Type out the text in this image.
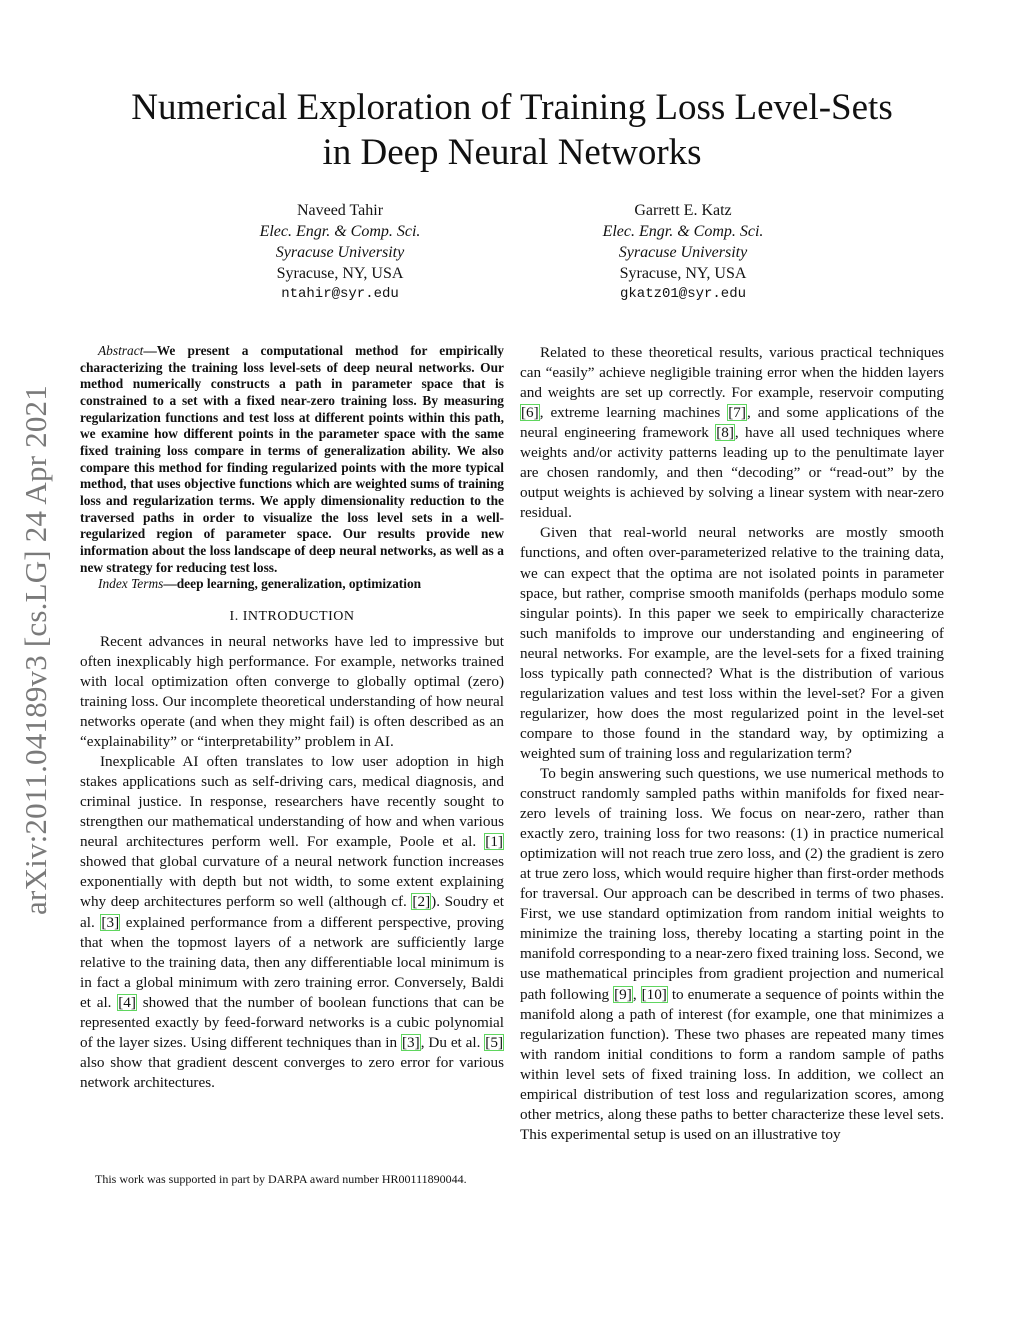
arXiv:2011.04189v3 [cs.LG] 24 Apr 2021
Numerical Exploration of Training Loss Level-Sets
in Deep Neural Networks
Naveed Tahir
Elec. Engr. & Comp. Sci.
Syracuse University
Syracuse, NY, USA
ntahir@syr.edu
Garrett E. Katz
Elec. Engr. & Comp. Sci.
Syracuse University
Syracuse, NY, USA
gkatz01@syr.edu

Abstract—We present a computational method for empirically characterizing the training loss level-sets of deep neural networks. Our method numerically constructs a path in parameter space that is constrained to a set with a fixed near-zero training loss. By measuring regularization functions and test loss at different points within this path, we examine how different points in the parameter space with the same fixed training loss compare in terms of generalization ability. We also compare this method for finding regularized points with the more typical method, that uses objective functions which are weighted sums of training loss and regularization terms. We apply dimensionality reduction to the traversed paths in order to visualize the loss level sets in a well-regularized region of parameter space. Our results provide new information about the loss landscape of deep neural networks, as well as a new strategy for reducing test loss.

Index Terms—deep learning, generalization, optimization

I. INTRODUCTION

Recent advances in neural networks have led to impressive but often inexplicably high performance. For example, networks trained with local optimization often converge to globally optimal (zero) training loss. Our incomplete theoretical understanding of how neural networks operate (and when they might fail) is often described as an “explainability” or “interpretability” problem in AI.

Inexplicable AI often translates to low user adoption in high stakes applications such as self-driving cars, medical diagnosis, and criminal justice. In response, researchers have recently sought to strengthen our mathematical understanding of how and when various neural architectures perform well. For example, Poole et al. [1] showed that global curvature of a neural network function increases exponentially with depth but not width, to some extent explaining why deep architectures perform so well (although cf. [2]). Soudry et al. [3] explained performance from a different perspective, proving that when the topmost layers of a network are sufficiently large relative to the training data, then any differentiable local minimum is in fact a global minimum with zero training error. Conversely, Baldi et al. [4] showed that the number of boolean functions that can be represented exactly by feed-forward networks is a cubic polynomial of the layer sizes. Using different techniques than in [3], Du et al. [5] also show that gradient descent converges to zero error for various network architectures.

This work was supported in part by DARPA award number HR00111890044.

Related to these theoretical results, various practical techniques can “easily” achieve negligible training error when the hidden layers and weights are set up correctly. For example, reservoir computing [6], extreme learning machines [7], and some applications of the neural engineering framework [8], have all used techniques where weights and/or activity patterns leading up to the penultimate layer are chosen randomly, and then “decoding” or “read-out” by the output weights is achieved by solving a linear system with near-zero residual.

Given that real-world neural networks are mostly smooth functions, and often over-parameterized relative to the training data, we can expect that the optima are not isolated points in parameter space, but rather, comprise smooth manifolds (perhaps modulo some singular points). In this paper we seek to empirically characterize such manifolds to improve our understanding and engineering of neural networks. For example, are the level-sets for a fixed training loss typically path connected? What is the distribution of various regularization values and test loss within the level-set? For a given regularizer, how does the most regularized point in the level-set compare to those found in the standard way, by optimizing a weighted sum of training loss and regularization term?

To begin answering such questions, we use numerical methods to construct randomly sampled paths within manifolds for fixed near-zero levels of training loss. We focus on near-zero, rather than exactly zero, training loss for two reasons: (1) in practice numerical optimization will not reach true zero loss, and (2) the gradient is zero at true zero loss, which would require higher than first-order methods for traversal. Our approach can be described in terms of two phases. First, we use standard optimization from random initial weights to minimize the training loss, thereby locating a starting point in the manifold corresponding to a near-zero fixed training loss. Second, we use mathematical principles from gradient projection and numerical path following [9], [10] to enumerate a sequence of points within the manifold along a path of interest (for example, one that minimizes a regularization function). These two phases are repeated many times with random initial conditions to form a random sample of paths within level sets of fixed training loss. In addition, we collect an empirical distribution of test loss and regularization scores, among other metrics, along these paths to better characterize these level sets. This experimental setup is used on an illustrative toy
